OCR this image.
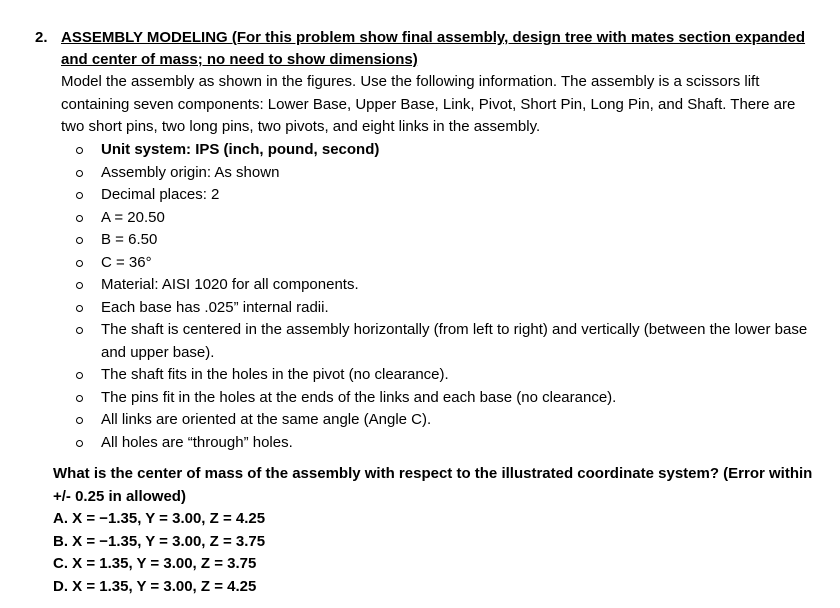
2. ASSEMBLY MODELING (For this problem show final assembly, design tree with mates section expanded and center of mass; no need to show dimensions)
Model the assembly as shown in the figures. Use the following information. The assembly is a scissors lift containing seven components: Lower Base, Upper Base, Link, Pivot, Short Pin, Long Pin, and Shaft. There are two short pins, two long pins, two pivots, and eight links in the assembly.
Unit system: IPS (inch, pound, second)
Assembly origin: As shown
Decimal places: 2
A = 20.50
B = 6.50
C = 36°
Material: AISI 1020 for all components.
Each base has .025” internal radii.
The shaft is centered in the assembly horizontally (from left to right) and vertically (between the lower base and upper base).
The shaft fits in the holes in the pivot (no clearance).
The pins fit in the holes at the ends of the links and each base (no clearance).
All links are oriented at the same angle (Angle C).
All holes are “through” holes.
What is the center of mass of the assembly with respect to the illustrated coordinate system? (Error within +/- 0.25 in allowed)
A. X = −1.35, Y = 3.00, Z = 4.25
B. X = −1.35, Y = 3.00, Z = 3.75
C. X = 1.35, Y = 3.00, Z = 3.75
D. X = 1.35, Y = 3.00, Z = 4.25
